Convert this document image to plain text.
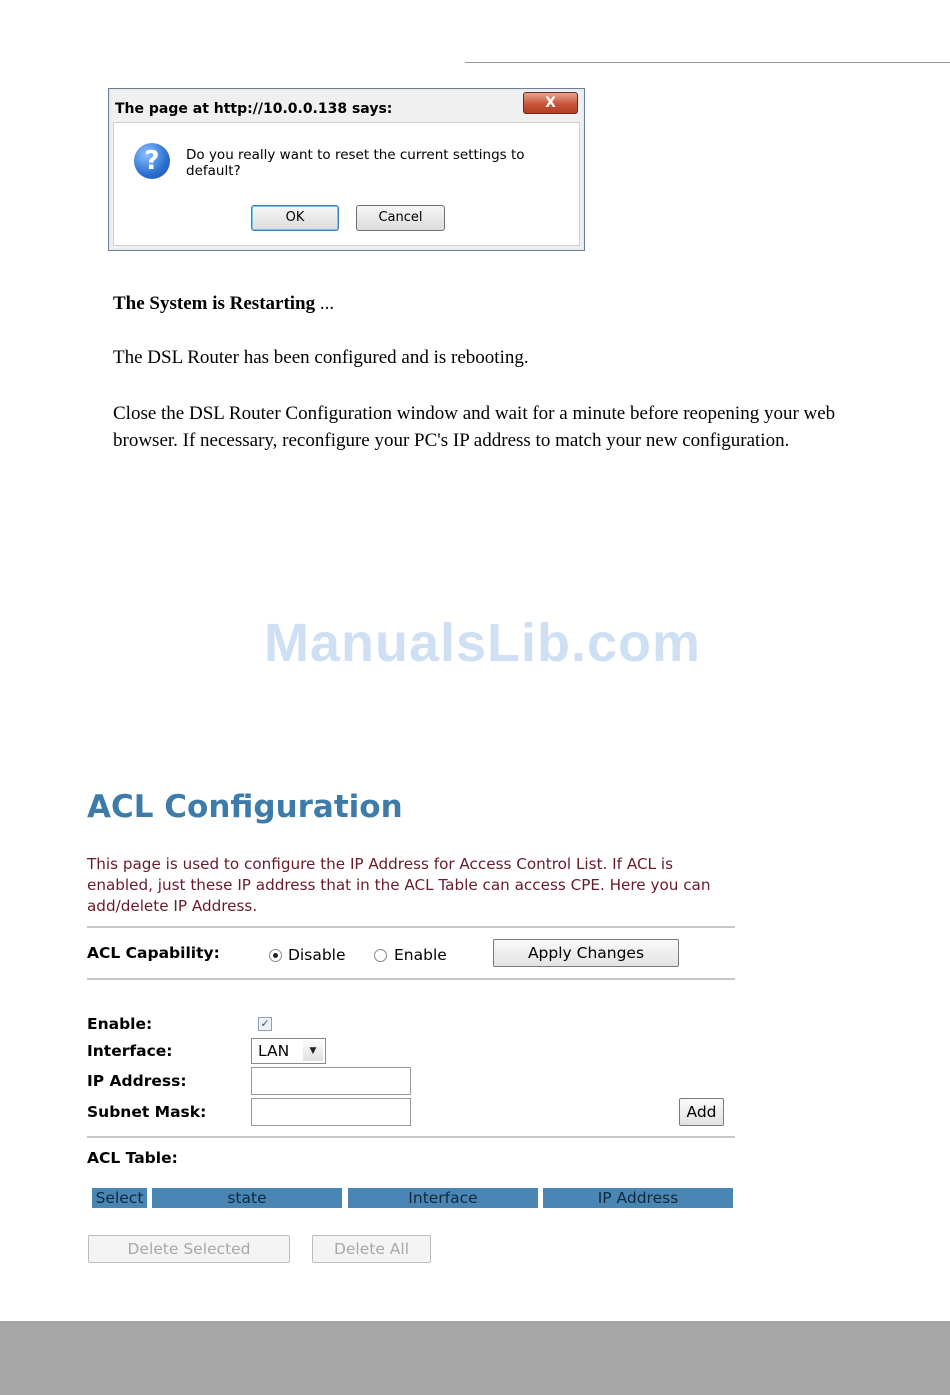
The page at http://10.0.0.138 says:	X
?	Do you really want to reset the current settings to default?
OK	Cancel
The System is Restarting ...
The DSL Router has been configured and is rebooting.
Close the DSL Router Configuration window and wait for a minute before reopening your web browser. If necessary, reconfigure your PC's IP address to match your new configuration.
ManualsLib.com
ACL Configuration
This page is used to configure the IP Address for Access Control List. If ACL is enabled, just these IP address that in the ACL Table can access CPE. Here you can add/delete IP Address.
ACL Capability:	Disable	Enable	Apply Changes
Enable:	✓
Interface:	LAN	▼
IP Address:
Subnet Mask:	Add
ACL Table:
Select	state	Interface	IP Address
Delete Selected	Delete All
